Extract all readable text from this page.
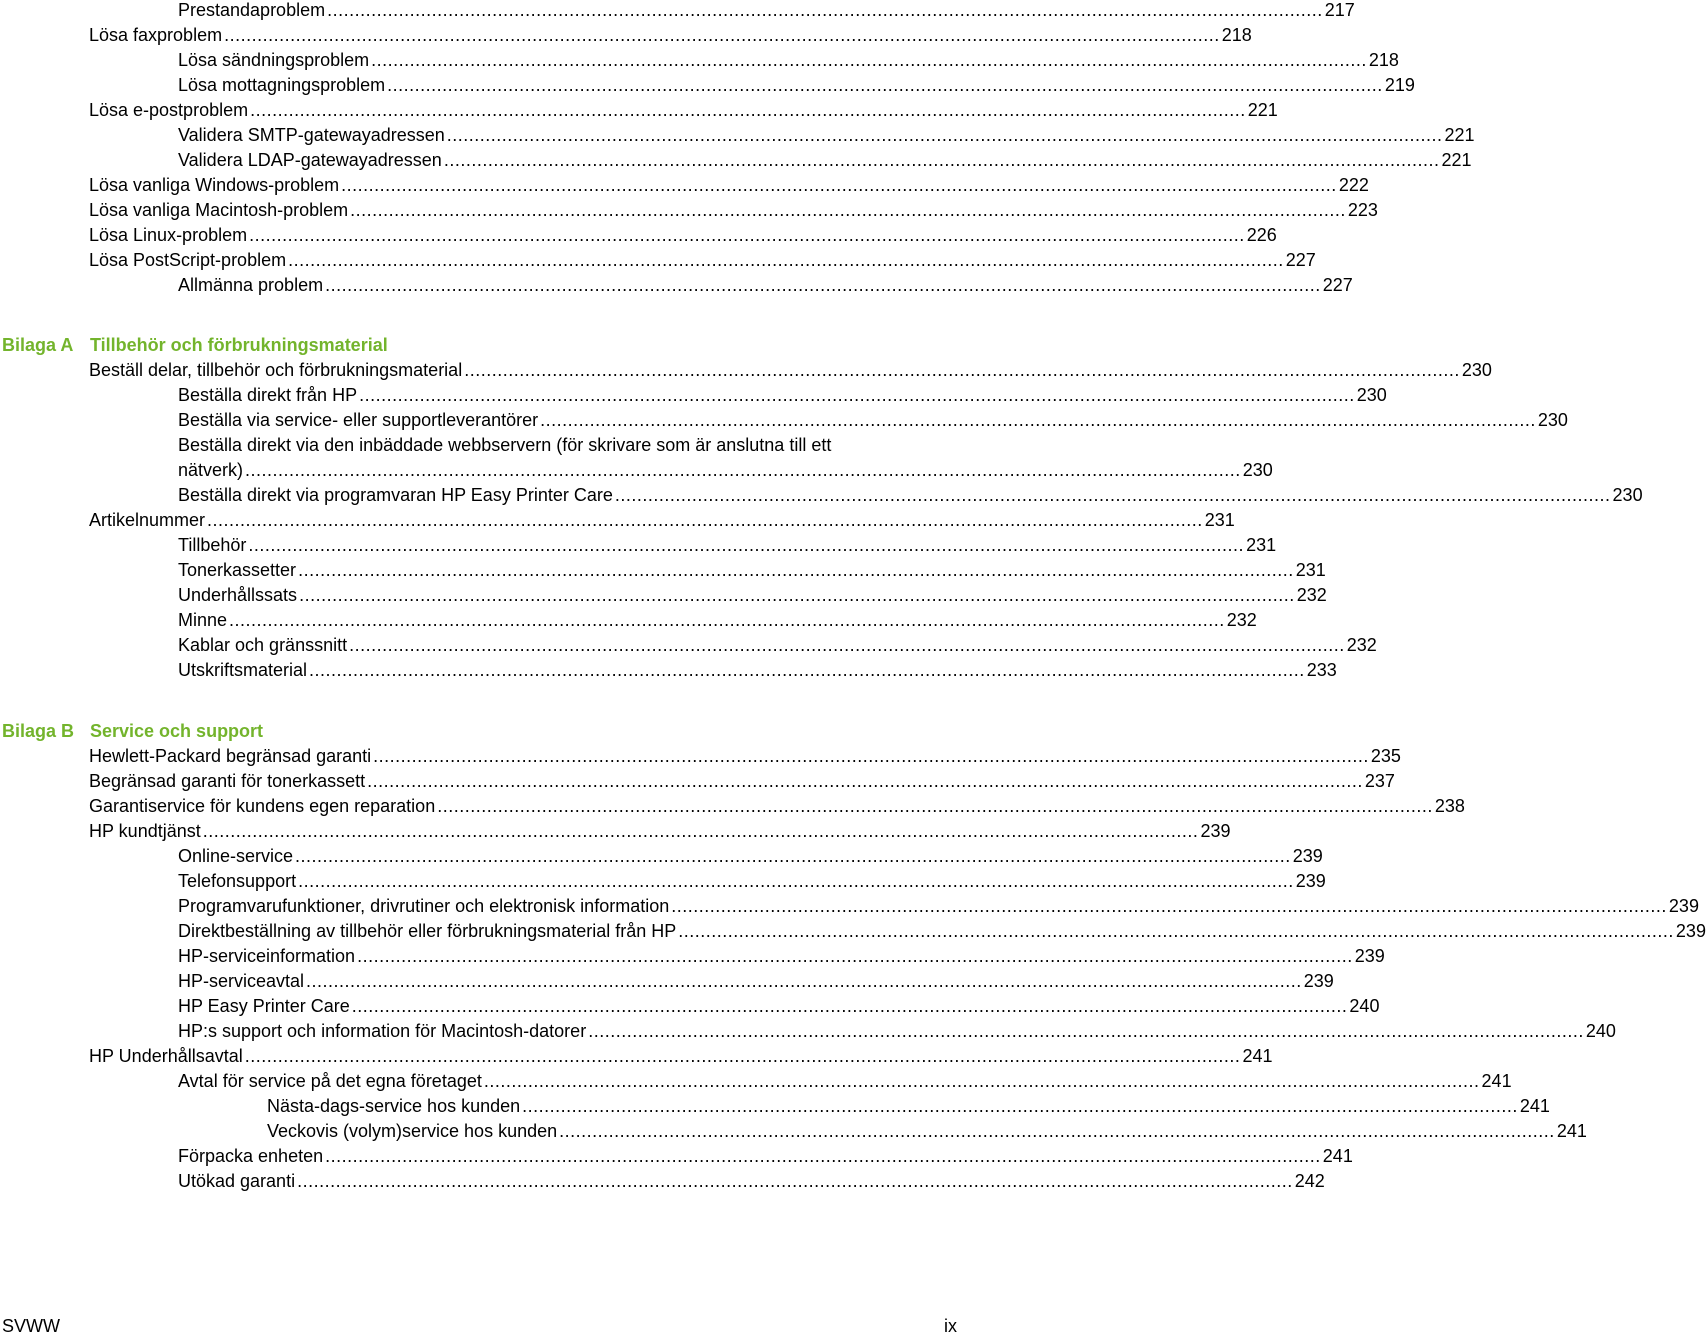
Prestandaproblem ..................................................................................................................................................................................... 217
Lösa faxproblem ..................................................................................................................................................................................... 218
Lösa sändningsproblem ..................................................................................................................................................................................... 218
Lösa mottagningsproblem ..................................................................................................................................................................................... 219
Lösa e-postproblem ..................................................................................................................................................................................... 221
Validera SMTP-gatewayadressen ..................................................................................................................................................................................... 221
Validera LDAP-gatewayadressen ..................................................................................................................................................................................... 221
Lösa vanliga Windows-problem ..................................................................................................................................................................................... 222
Lösa vanliga Macintosh-problem ..................................................................................................................................................................................... 223
Lösa Linux-problem ..................................................................................................................................................................................... 226
Lösa PostScript-problem ..................................................................................................................................................................................... 227
Allmänna problem ..................................................................................................................................................................................... 227
Bilaga A Tillbehör och förbrukningsmaterial
Beställ delar, tillbehör och förbrukningsmaterial ..................................................................................................................................................................................... 230
Beställa direkt från HP ..................................................................................................................................................................................... 230
Beställa via service- eller supportleverantörer ..................................................................................................................................................................................... 230
Beställa direkt via den inbäddade webbservern (för skrivare som är anslutna till ett
nätverk) ..................................................................................................................................................................................... 230
Beställa direkt via programvaran HP Easy Printer Care ..................................................................................................................................................................................... 230
Artikelnummer ..................................................................................................................................................................................... 231
Tillbehör ..................................................................................................................................................................................... 231
Tonerkassetter ..................................................................................................................................................................................... 231
Underhållssats ..................................................................................................................................................................................... 232
Minne ..................................................................................................................................................................................... 232
Kablar och gränssnitt ..................................................................................................................................................................................... 232
Utskriftsmaterial ..................................................................................................................................................................................... 233
Bilaga B Service och support
Hewlett-Packard begränsad garanti ..................................................................................................................................................................................... 235
Begränsad garanti för tonerkassett ..................................................................................................................................................................................... 237
Garantiservice för kundens egen reparation ..................................................................................................................................................................................... 238
HP kundtjänst ..................................................................................................................................................................................... 239
Online-service ..................................................................................................................................................................................... 239
Telefonsupport ..................................................................................................................................................................................... 239
Programvarufunktioner, drivrutiner och elektronisk information ..................................................................................................................................................................................... 239
Direktbeställning av tillbehör eller förbrukningsmaterial från HP ..................................................................................................................................................................................... 239
HP-serviceinformation ..................................................................................................................................................................................... 239
HP-serviceavtal ..................................................................................................................................................................................... 239
HP Easy Printer Care ..................................................................................................................................................................................... 240
HP:s support och information för Macintosh-datorer ..................................................................................................................................................................................... 240
HP Underhållsavtal ..................................................................................................................................................................................... 241
Avtal för service på det egna företaget ..................................................................................................................................................................................... 241
Nästa-dags-service hos kunden ..................................................................................................................................................................................... 241
Veckovis (volym)service hos kunden ..................................................................................................................................................................................... 241
Förpacka enheten ..................................................................................................................................................................................... 241
Utökad garanti ..................................................................................................................................................................................... 242
SVWW	ix
